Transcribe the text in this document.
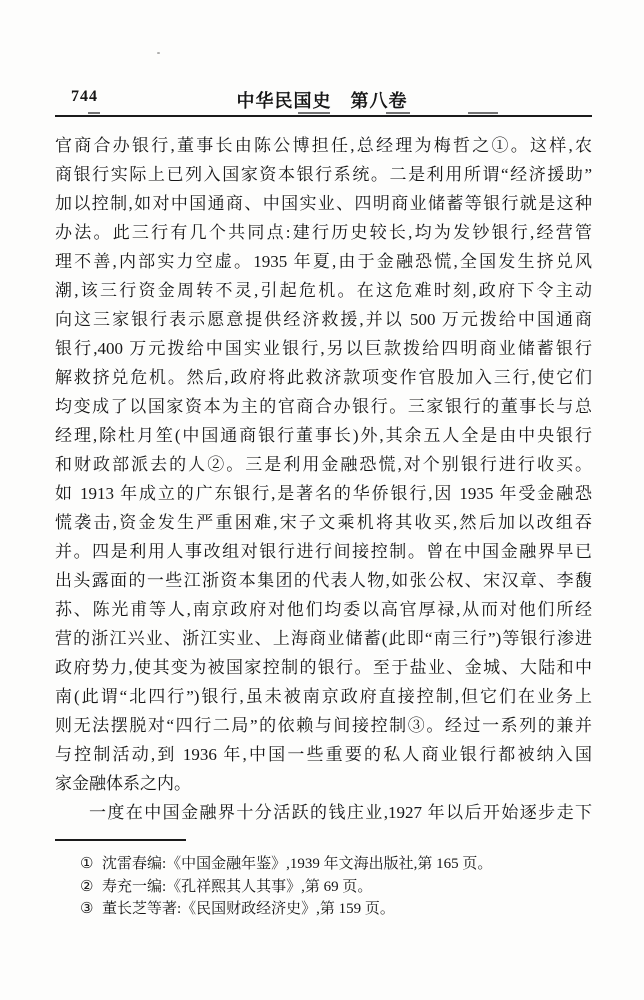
744	中华民国史　第八卷
官商合办银行,董事长由陈公博担任,总经理为梅哲之①。这样,农
商银行实际上已列入国家资本银行系统。二是利用所谓“经济援助”
加以控制,如对中国通商、中国实业、四明商业储蓄等银行就是这种
办法。此三行有几个共同点:建行历史较长,均为发钞银行,经营管
理不善,内部实力空虚。1935 年夏,由于金融恐慌,全国发生挤兑风
潮,该三行资金周转不灵,引起危机。在这危难时刻,政府下令主动
向这三家银行表示愿意提供经济救援,并以 500 万元拨给中国通商
银行,400 万元拨给中国实业银行,另以巨款拨给四明商业储蓄银行
解救挤兑危机。然后,政府将此救济款项变作官股加入三行,使它们
均变成了以国家资本为主的官商合办银行。三家银行的董事长与总
经理,除杜月笙(中国通商银行董事长)外,其余五人全是由中央银行
和财政部派去的人②。三是利用金融恐慌,对个别银行进行收买。
如 1913 年成立的广东银行,是著名的华侨银行,因 1935 年受金融恐
慌袭击,资金发生严重困难,宋子文乘机将其收买,然后加以改组吞
并。四是利用人事改组对银行进行间接控制。曾在中国金融界早已
出头露面的一些江浙资本集团的代表人物,如张公权、宋汉章、李馥
荪、陈光甫等人,南京政府对他们均委以高官厚禄,从而对他们所经
营的浙江兴业、浙江实业、上海商业储蓄(此即“南三行”)等银行渗进
政府势力,使其变为被国家控制的银行。至于盐业、金城、大陆和中
南(此谓“北四行”)银行,虽未被南京政府直接控制,但它们在业务上
则无法摆脱对“四行二局”的依赖与间接控制③。经过一系列的兼并
与控制活动,到 1936 年,中国一些重要的私人商业银行都被纳入国
家金融体系之内。
一度在中国金融界十分活跃的钱庄业,1927 年以后开始逐步走下
① 沈雷春编:《中国金融年鉴》,1939 年文海出版社,第 165 页。
② 寿充一编:《孔祥熙其人其事》,第 69 页。
③ 董长芝等著:《民国财政经济史》,第 159 页。
